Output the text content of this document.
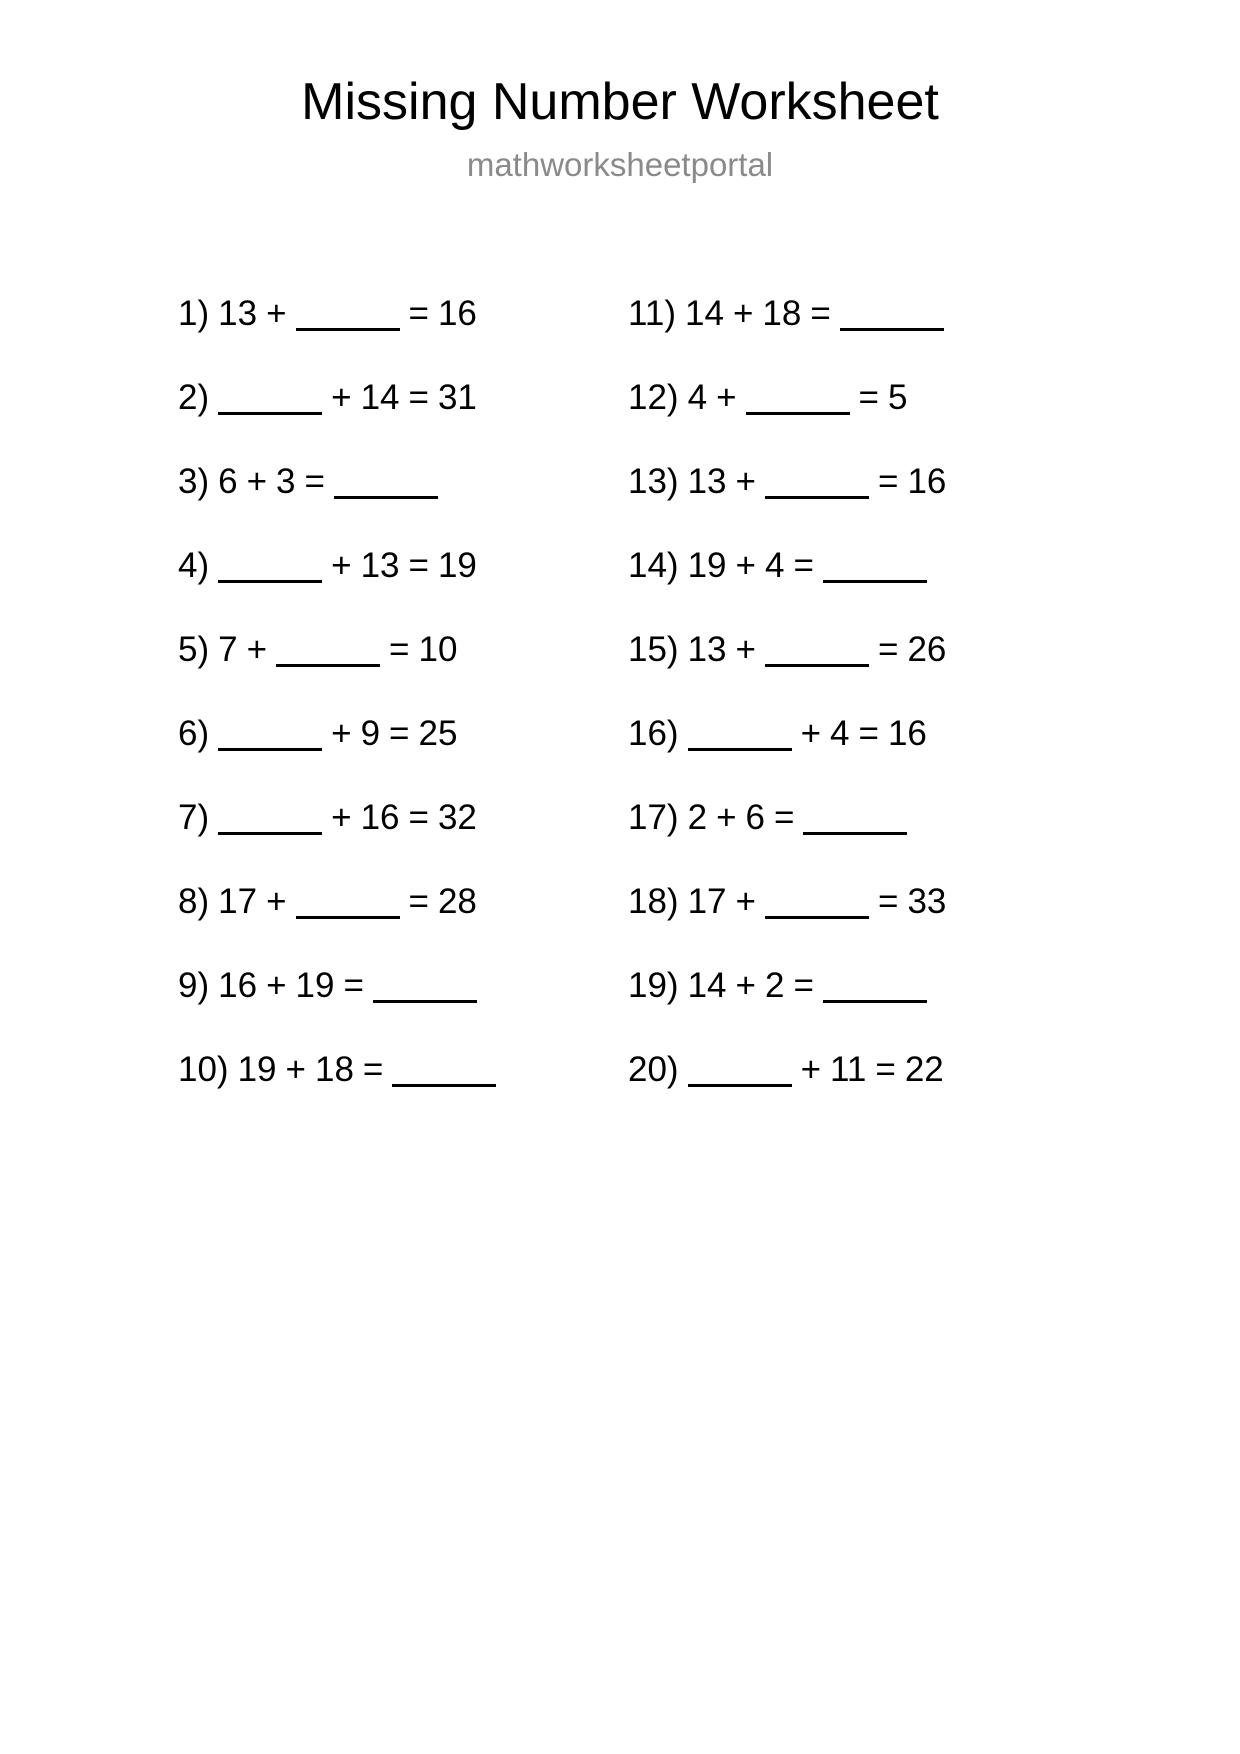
Missing Number Worksheet

mathworksheetportal

1) 13 +	= 16
2)	+ 14 = 31
3) 6 + 3 =
4)	+ 13 = 19
5) 7 +	= 10
6)	+ 9 = 25
7)	+ 16 = 32
8) 17 +	= 28
9) 16 + 19 =
10) 19 + 18 =
11) 14 + 18 =
12) 4 +	= 5
13) 13 +	= 16
14) 19 + 4 =
15) 13 +	= 26
16)	+ 4 = 16
17) 2 + 6 =
18) 17 +	= 33
19) 14 + 2 =
20)	+ 11 = 22
